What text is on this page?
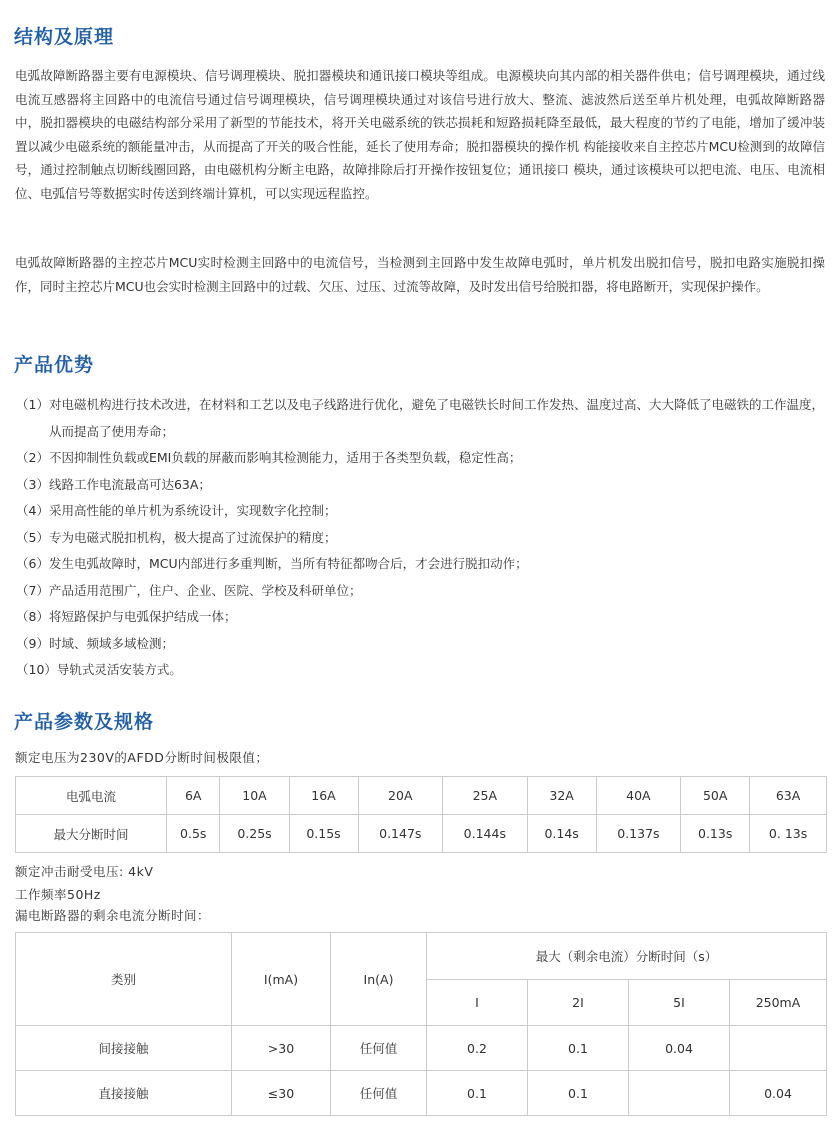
结构及原理

电弧故障断路器主要有电源模块、信号调理模块、脱扣器模块和通讯接口模块等组成。电源模块向其内部的相关器件供电；信号调理模块，通过线电流互感器将主回路中的电流信号通过信号调理模块，信号调理模块通过对该信号进行放大、整流、滤波然后送至单片机处理，电弧故障断路器中，脱扣器模块的电磁结构部分采用了新型的节能技术，将开关电磁系统的铁芯损耗和短路损耗降至最低，最大程度的节约了电能，增加了缓冲装置以减少电磁系统的额能量冲击，从而提高了开关的吸合性能，延长了使用寿命；脱扣器模块的操作机 构能接收来自主控芯片MCU检测到的故障信号，通过控制触点切断线圈回路，由电磁机构分断主电路，故障排除后打开操作按钮复位；通讯接口 模块，通过该模块可以把电流、电压、电流相位、电弧信号等数据实时传送到终端计算机，可以实现远程监控。

电弧故障断路器的主控芯片MCU实时检测主回路中的电流信号，当检测到主回路中发生故障电弧时，单片机发出脱扣信号，脱扣电路实施脱扣操作，同时主控芯片MCU也会实时检测主回路中的过载、欠压、过压、过流等故障，及时发出信号给脱扣器，将电路断开，实现保护操作。

产品优势
（1） 对电磁机构进行技术改进，在材料和工艺以及电子线路进行优化，避免了电磁铁长时间工作发热、温度过高、大大降低了电磁铁的工作温度，从而提高了使用寿命；
（2） 不因抑制性负载或EMI负载的屏蔽而影响其检测能力，适用于各类型负载，稳定性高；
（3） 线路工作电流最高可达63A；
（4） 采用高性能的单片机为系统设计，实现数字化控制；
（5） 专为电磁式脱扣机构，极大提高了过流保护的精度；
（6） 发生电弧故障时，MCU内部进行多重判断，当所有特征都吻合后，才会进行脱扣动作；
（7） 产品适用范围广，住户、企业、医院、学校及科研单位；
（8） 将短路保护与电弧保护结成一体；
（9） 时域、频域多域检测；
（10） 导轨式灵活安装方式。
产品参数及规格

额定电压为230V的AFDD分断时间极限值；

电弧电流	6A	10A	16A	20A	25A	32A	40A	50A	63A
最大分断时间	0.5s	0.25s	0.15s	0.147s	0.144s	0.14s	0.137s	0.13s	0. 13s

额定冲击耐受电压: 4kV

工作频率50Hz

漏电断路器的剩余电流分断时间：

类别	I(mA)	In(A)	最大（剩余电流）分断时间（s）			
			I	2I	5I	250mA
间接接触	>30	任何值	0.2	0.1	0.04	
直接接触	≤30	任何值	0.1	0.1		0.04
